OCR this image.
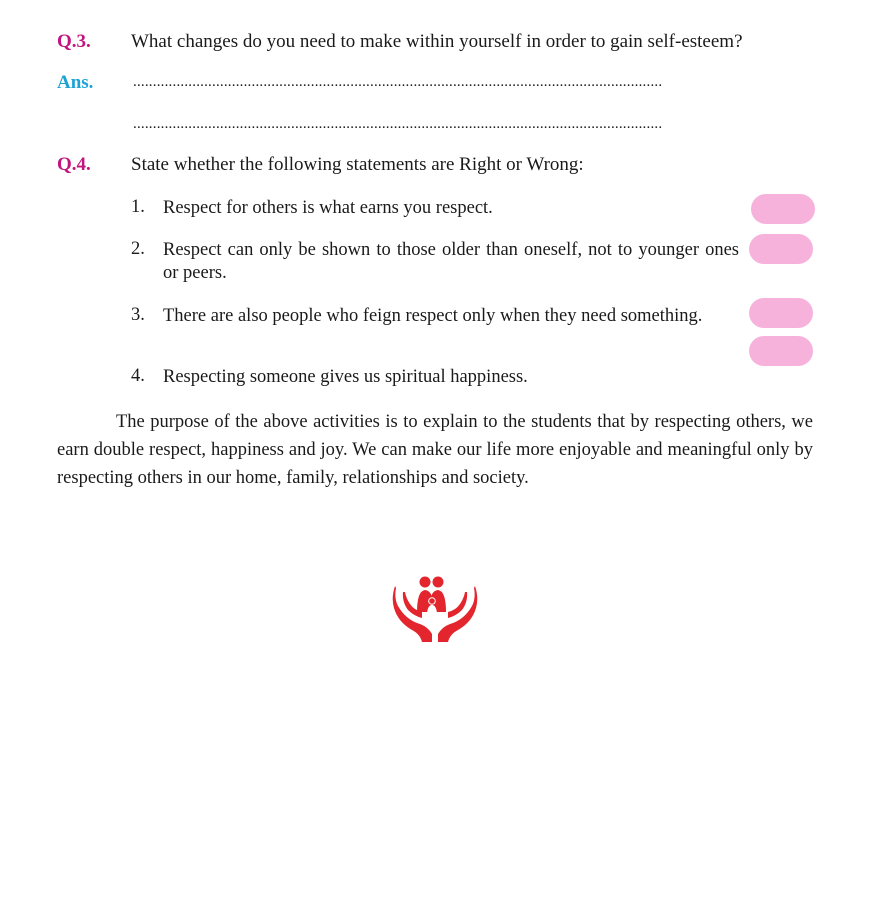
Q.3. What changes do you need to make within yourself in order to gain self-esteem?
Ans.	......................................................................................................................................
......................................................................................................................................
Q.4. State whether the following statements are Right or Wrong:
1. Respect for others is what earns you respect.
2. Respect can only be shown to those older than oneself, not to younger ones or peers.
3. There are also people who feign respect only when they need something.
4. Respecting someone gives us spiritual happiness.
The purpose of the above activities is to explain to the students that by respecting others, we earn double respect, happiness and joy. We can make our life more enjoyable and meaningful only by respecting others in our home, family, relationships and society.
